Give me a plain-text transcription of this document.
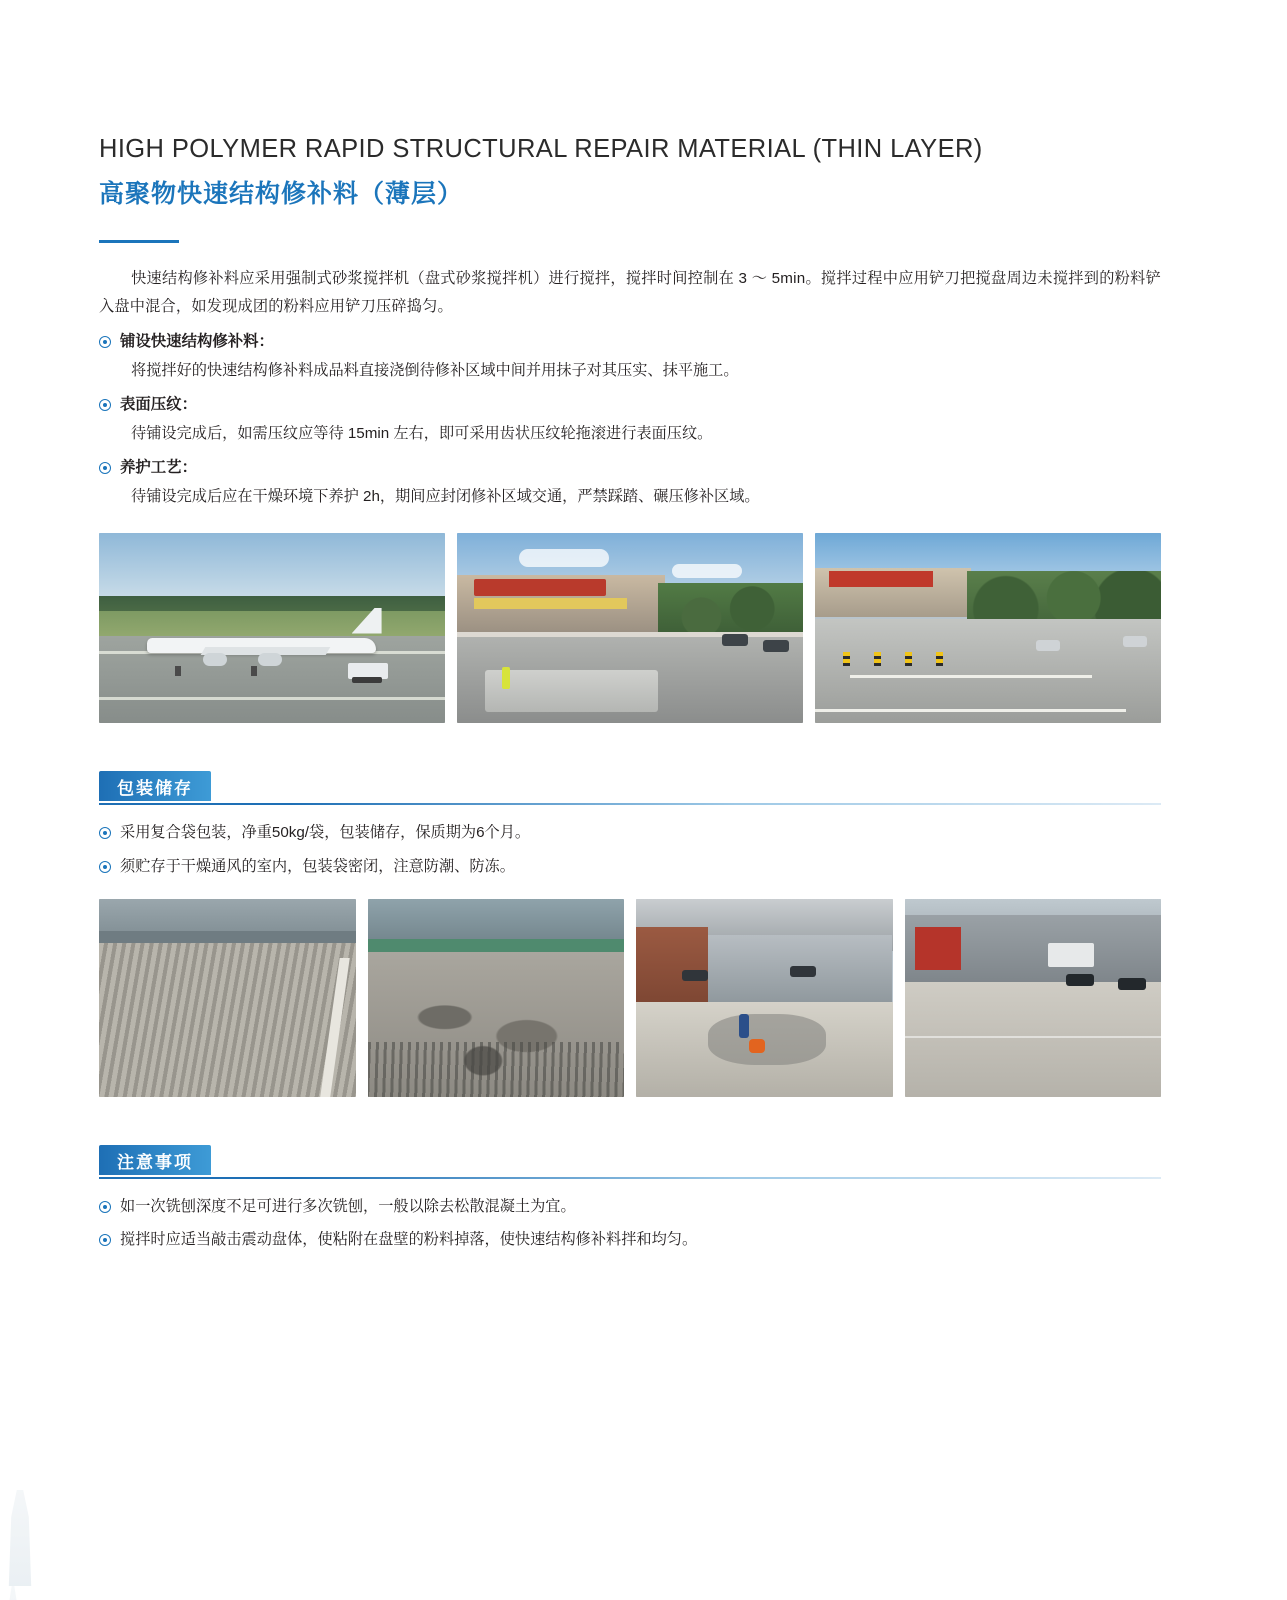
HIGH POLYMER RAPID STRUCTURAL REPAIR MATERIAL (THIN LAYER)
高聚物快速结构修补料（薄层）
快速结构修补料应采用强制式砂浆搅拌机（盘式砂浆搅拌机）进行搅拌，搅拌时间控制在 3 ～ 5min。搅拌过程中应用铲刀把搅盘周边未搅拌到的粉料铲入盘中混合，如发现成团的粉料应用铲刀压碎捣匀。
铺设快速结构修补料：
将搅拌好的快速结构修补料成品料直接浇倒待修补区域中间并用抹子对其压实、抹平施工。
表面压纹：
待铺设完成后，如需压纹应等待 15min 左右，即可采用齿状压纹轮拖滚进行表面压纹。
养护工艺：
待铺设完成后应在干燥环境下养护 2h，期间应封闭修补区域交通，严禁踩踏、碾压修补区域。
包装储存
采用复合袋包装，净重50kg/袋，包装储存，保质期为6个月。
须贮存于干燥通风的室内，包装袋密闭，注意防潮、防冻。
注意事项
如一次铣刨深度不足可进行多次铣刨，一般以除去松散混凝土为宜。
搅拌时应适当敲击震动盘体，使粘附在盘壁的粉料掉落，使快速结构修补料拌和均匀。
